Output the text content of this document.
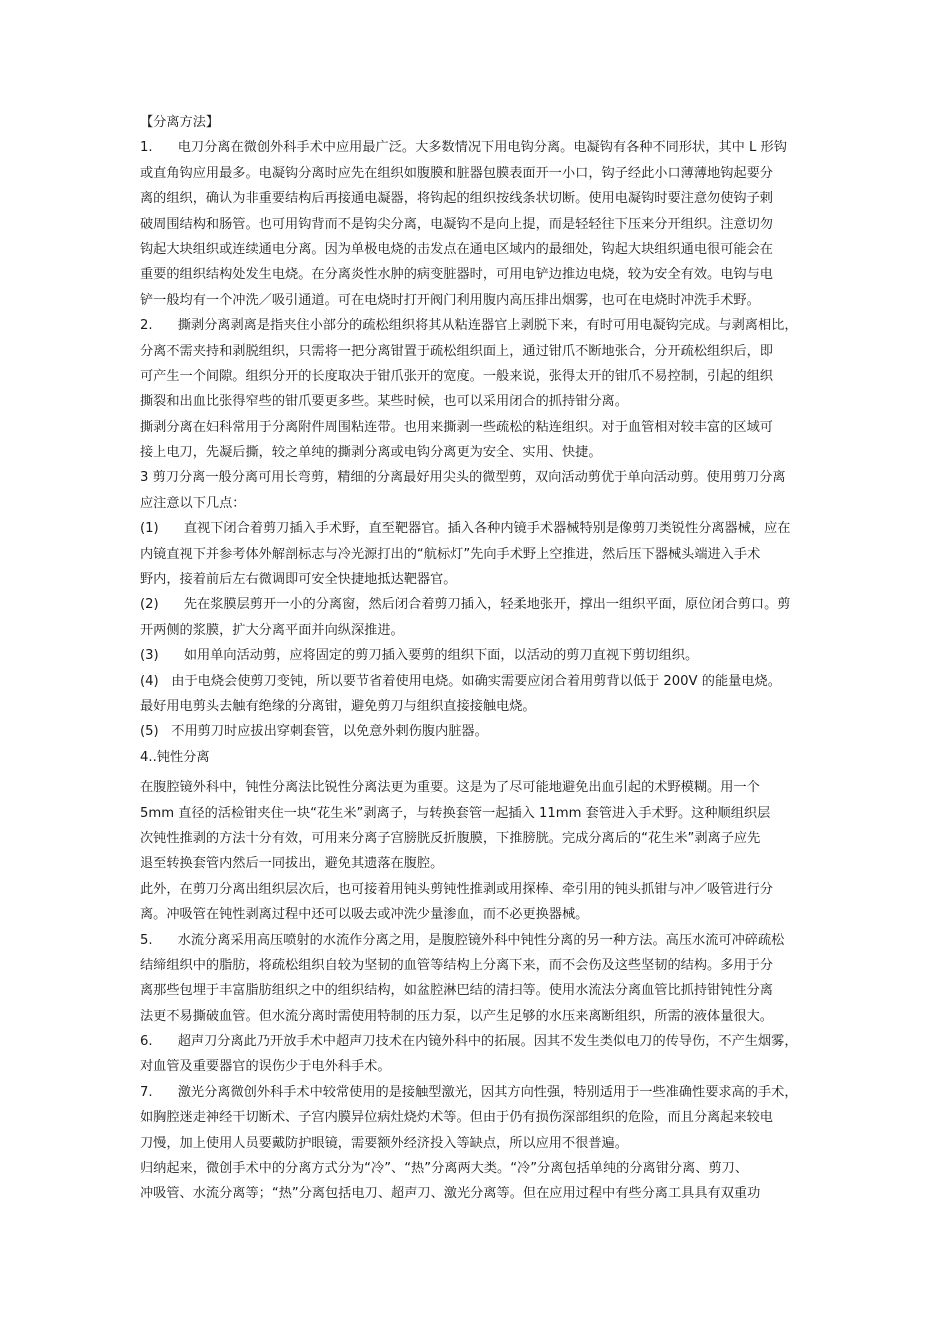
【分离方法】
1.      电刀分离在微创外科手术中应用最广泛。大多数情况下用电钩分离。电凝钩有各种不同形状，其中 L 形钩
或直角钩应用最多。电凝钩分离时应先在组织如腹膜和脏器包膜表面开一小口，钩子经此小口薄薄地钩起要分
离的组织，确认为非重要结构后再接通电凝器，将钩起的组织按线条状切断。使用电凝钩时要注意勿使钩子剌
破周围结构和肠管。也可用钩背而不是钩尖分离，电凝钩不是向上提，而是轻轻往下压来分开组织。注意切勿
钩起大块组织或连续通电分离。因为单极电烧的击发点在通电区域内的最细处，钩起大块组织通电很可能会在
重要的组织结构处发生电烧。在分离炎性水肿的病变脏器时，可用电铲边推边电烧，较为安全有效。电钩与电
铲一般均有一个冲洗／吸引通道。可在电烧时打开阀门利用腹内高压排出烟雾，也可在电烧时冲洗手术野。
2.      撕剥分离剥离是指夹住小部分的疏松组织将其从粘连器官上剥脱下来，有时可用电凝钩完成。与剥离相比，
分离不需夹持和剥脱组织，只需将一把分离钳置于疏松组织面上，通过钳爪不断地张合，分开疏松组织后，即
可产生一个间隙。组织分开的长度取决于钳爪张开的宽度。一般来说，张得太开的钳爪不易控制，引起的组织
撕裂和出血比张得窄些的钳爪要更多些。某些时候，也可以采用闭合的抓持钳分离。
撕剥分离在妇科常用于分离附件周围粘连带。也用来撕剥一些疏松的粘连组织。对于血管相对较丰富的区域可
接上电刀，先凝后撕，较之单纯的撕剥分离或电钩分离更为安全、实用、快捷。
3 剪刀分离一般分离可用长弯剪，精细的分离最好用尖头的微型剪，双向活动剪优于单向活动剪。使用剪刀分离
应注意以下几点：
(1)      直视下闭合着剪刀插入手术野，直至靶器官。插入各种内镜手术器械特别是像剪刀类锐性分离器械，应在
内镜直视下并参考体外解剖标志与冷光源打出的“航标灯”先向手术野上空推进，然后压下器械头端进入手术
野内，接着前后左右微调即可安全快捷地抵达靶器官。
(2)      先在浆膜层剪开一小的分离窗，然后闭合着剪刀插入，轻柔地张开，撑出一组织平面，原位闭合剪口。剪
开两侧的浆膜，扩大分离平面并向纵深推进。
(3)      如用单向活动剪，应将固定的剪刀插入要剪的组织下面，以活动的剪刀直视下剪切组织。
(4)   由于电烧会使剪刀变钝，所以要节省着使用电烧。如确实需要应闭合着用剪背以低于 200V 的能量电烧。
最好用电剪头去触有绝缘的分离钳，避免剪刀与组织直接接触电烧。
(5)   不用剪刀时应拔出穿刺套管，以免意外剌伤腹内脏器。
4..钝性分离
在腹腔镜外科中，钝性分离法比锐性分离法更为重要。这是为了尽可能地避免出血引起的术野模糊。用一个
5mm 直径的活检钳夹住一块“花生米”剥离子，与转换套管一起插入 11mm 套管进入手术野。这种顺组织层
次钝性推剥的方法十分有效，可用来分离子宫膀胱反折腹膜，下推膀胱。完成分离后的“花生米”剥离子应先
退至转换套管内然后一同拔出，避免其遗落在腹腔。
此外，在剪刀分离出组织层次后，也可接着用钝头剪钝性推剥或用探棒、牵引用的钝头抓钳与冲／吸管进行分
离。冲吸管在钝性剥离过程中还可以吸去或冲洗少量渗血，而不必更换器械。
5.      水流分离采用高压喷射的水流作分离之用，是腹腔镜外科中钝性分离的另一种方法。高压水流可冲碎疏松
结缔组织中的脂肪，将疏松组织自较为坚韧的血管等结构上分离下来，而不会伤及这些坚韧的结构。多用于分
离那些包埋于丰富脂肪组织之中的组织结构，如盆腔淋巴结的清扫等。使用水流法分离血管比抓持钳钝性分离
法更不易撕破血管。但水流分离时需使用特制的压力泵，以产生足够的水压来离断组织，所需的液体量很大。
6.      超声刀分离此乃开放手术中超声刀技术在内镜外科中的拓展。因其不发生类似电刀的传导伤，不产生烟雾，
对血管及重要器官的误伤少于电外科手术。
7.      激光分离微创外科手术中较常使用的是接触型激光，因其方向性强，特别适用于一些准确性要求高的手术，
如胸腔迷走神经干切断术、子宫内膜异位病灶烧灼术等。但由于仍有损伤深部组织的危险，而且分离起来较电
刀慢，加上使用人员要戴防护眼镜，需要额外经济投入等缺点，所以应用不很普遍。
归纳起来，微创手术中的分离方式分为“冷”、“热”分离两大类。“冷”分离包括单纯的分离钳分离、剪刀、
冲吸管、水流分离等；“热”分离包括电刀、超声刀、激光分离等。但在应用过程中有些分离工具具有双重功
